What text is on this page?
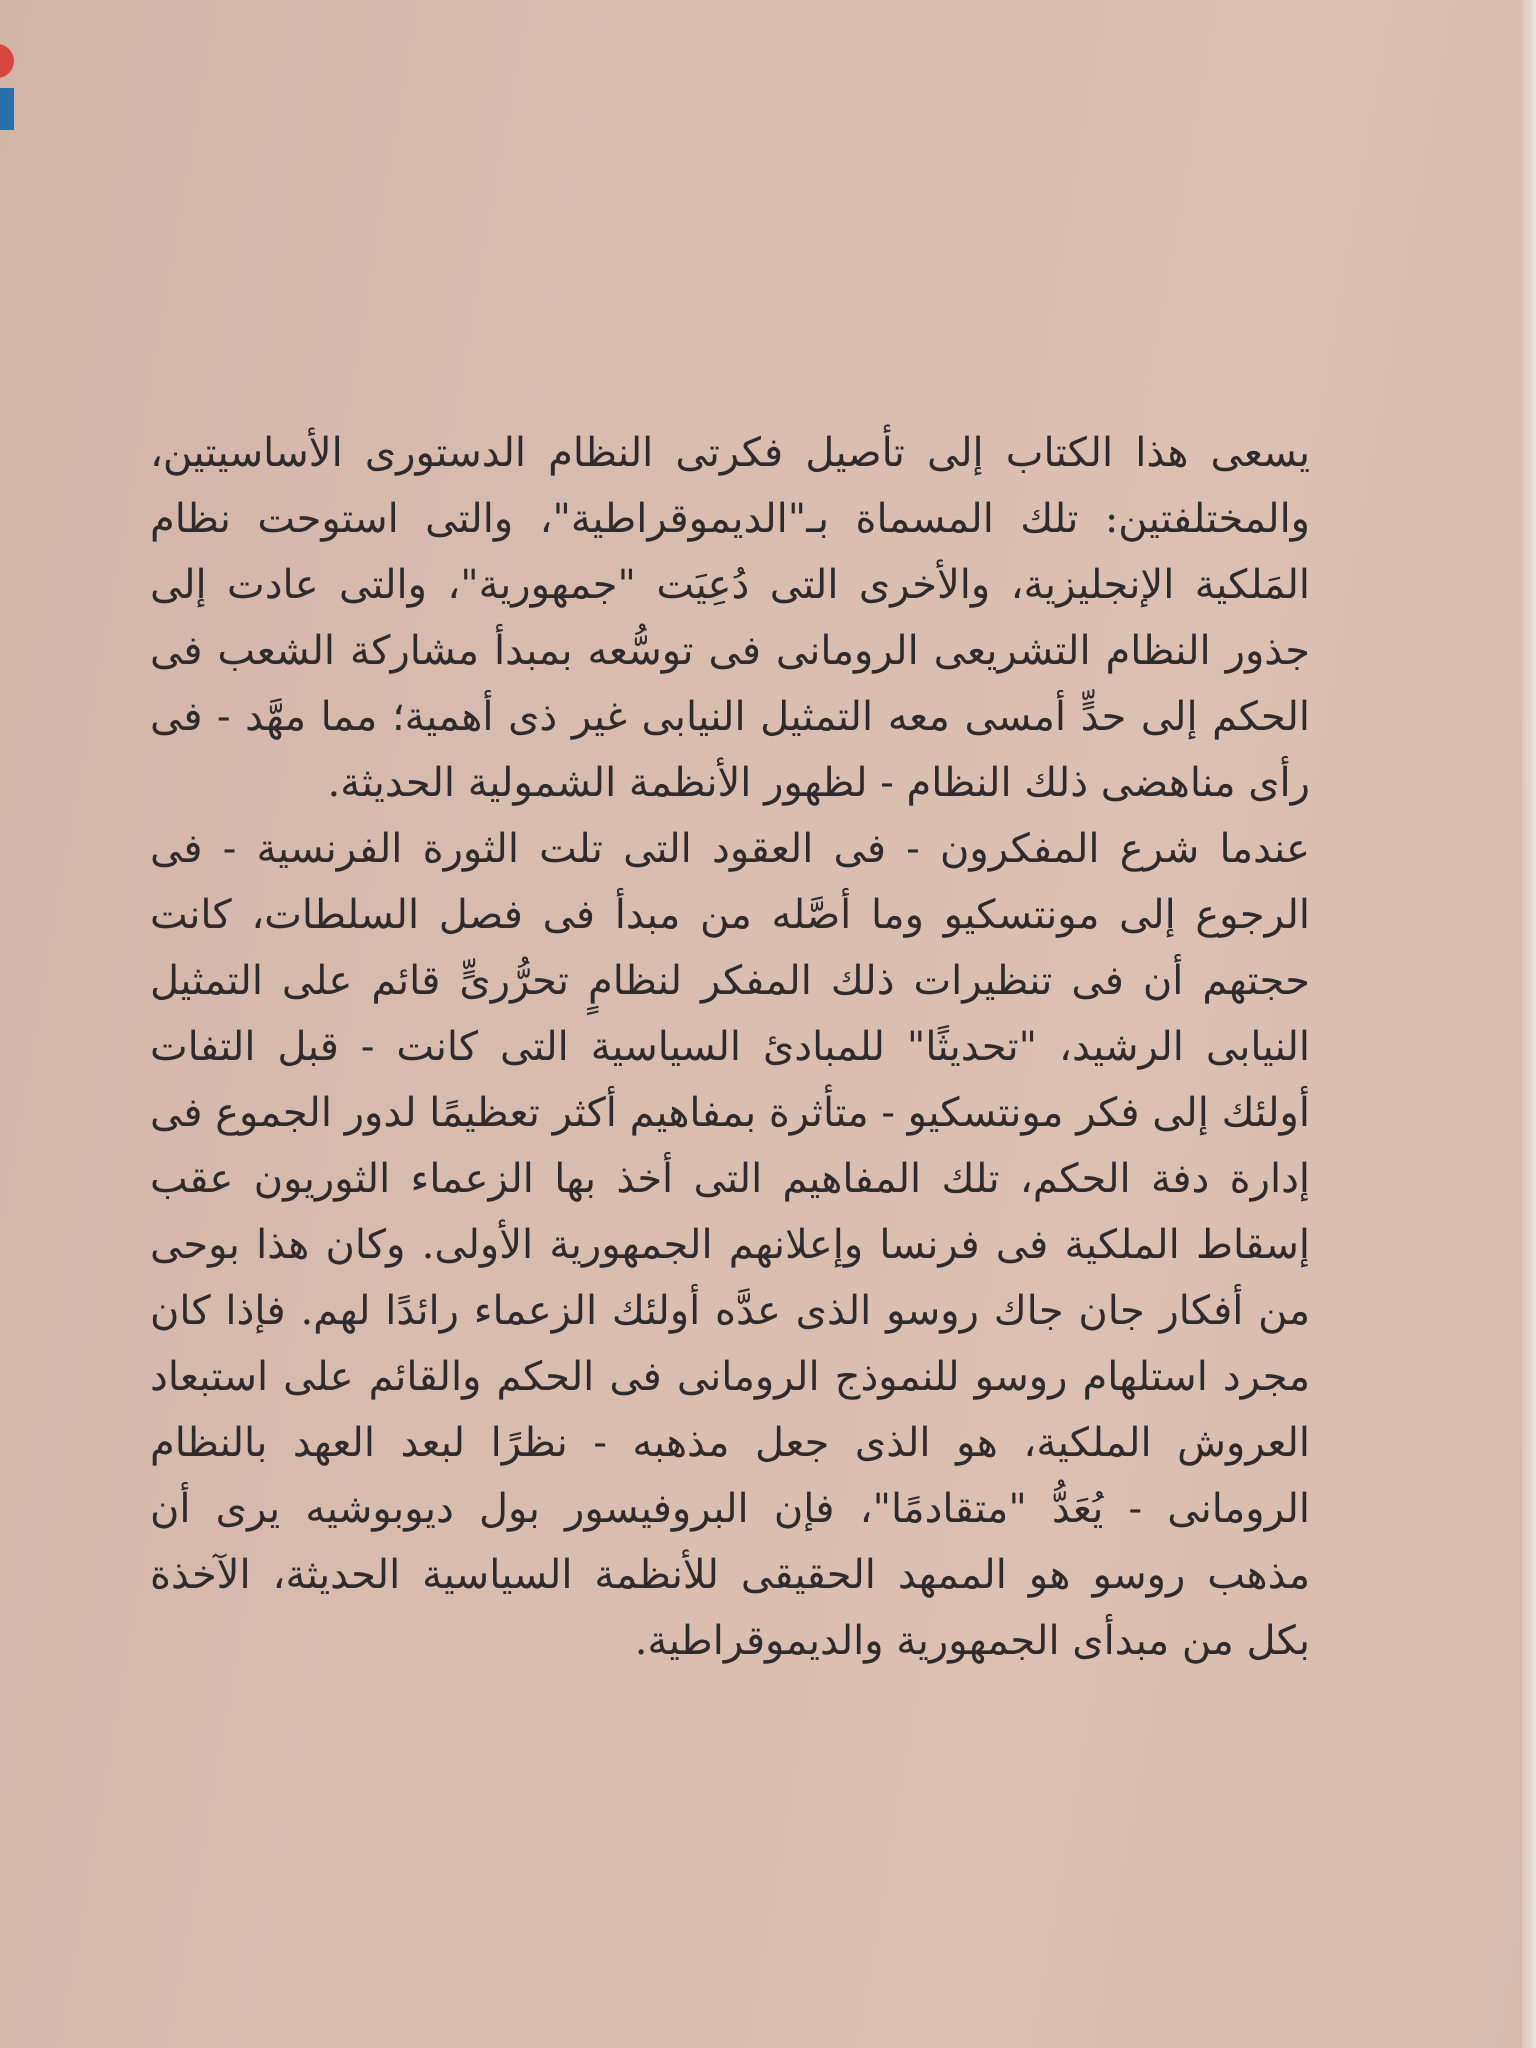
يسعى هذا الكتاب إلى تأصيل فكرتى النظام الدستورى الأساسيتين، والمختلفتين: تلك المسماة بـ"الديموقراطية"، والتى استوحت نظام المَلكية الإنجليزية، والأخرى التى دُعِيَت "جمهورية"، والتى عادت إلى جذور النظام التشريعى الرومانى فى توسُّعه بمبدأ مشاركة الشعب فى الحكم إلى حدٍّ أمسى معه التمثيل النيابى غير ذى أهمية؛ مما مهَّد - فى رأى مناهضى ذلك النظام - لظهور الأنظمة الشمولية الحديثة.

عندما شرع المفكرون - فى العقود التى تلت الثورة الفرنسية - فى الرجوع إلى مونتسكيو وما أصَّله من مبدأ فى فصل السلطات، كانت حجتهم أن فى تنظيرات ذلك المفكر لنظامٍ تحرُّرىٍّ قائم على التمثيل النيابى الرشيد، "تحديثًا" للمبادئ السياسية التى كانت - قبل التفات أولئك إلى فكر مونتسكيو - متأثرة بمفاهيم أكثر تعظيمًا لدور الجموع فى إدارة دفة الحكم، تلك المفاهيم التى أخذ بها الزعماء الثوريون عقب إسقاط الملكية فى فرنسا وإعلانهم الجمهورية الأولى. وكان هذا بوحى من أفكار جان جاك روسو الذى عدَّه أولئك الزعماء رائدًا لهم. فإذا كان مجرد استلهام روسو للنموذج الرومانى فى الحكم والقائم على استبعاد العروش الملكية، هو الذى جعل مذهبه - نظرًا لبعد العهد بالنظام الرومانى - يُعَدُّ "متقادمًا"، فإن البروفيسور بول ديوبوشيه يرى أن مذهب روسو هو الممهد الحقيقى للأنظمة السياسية الحديثة، الآخذة بكل من مبدأى الجمهورية والديموقراطية.
